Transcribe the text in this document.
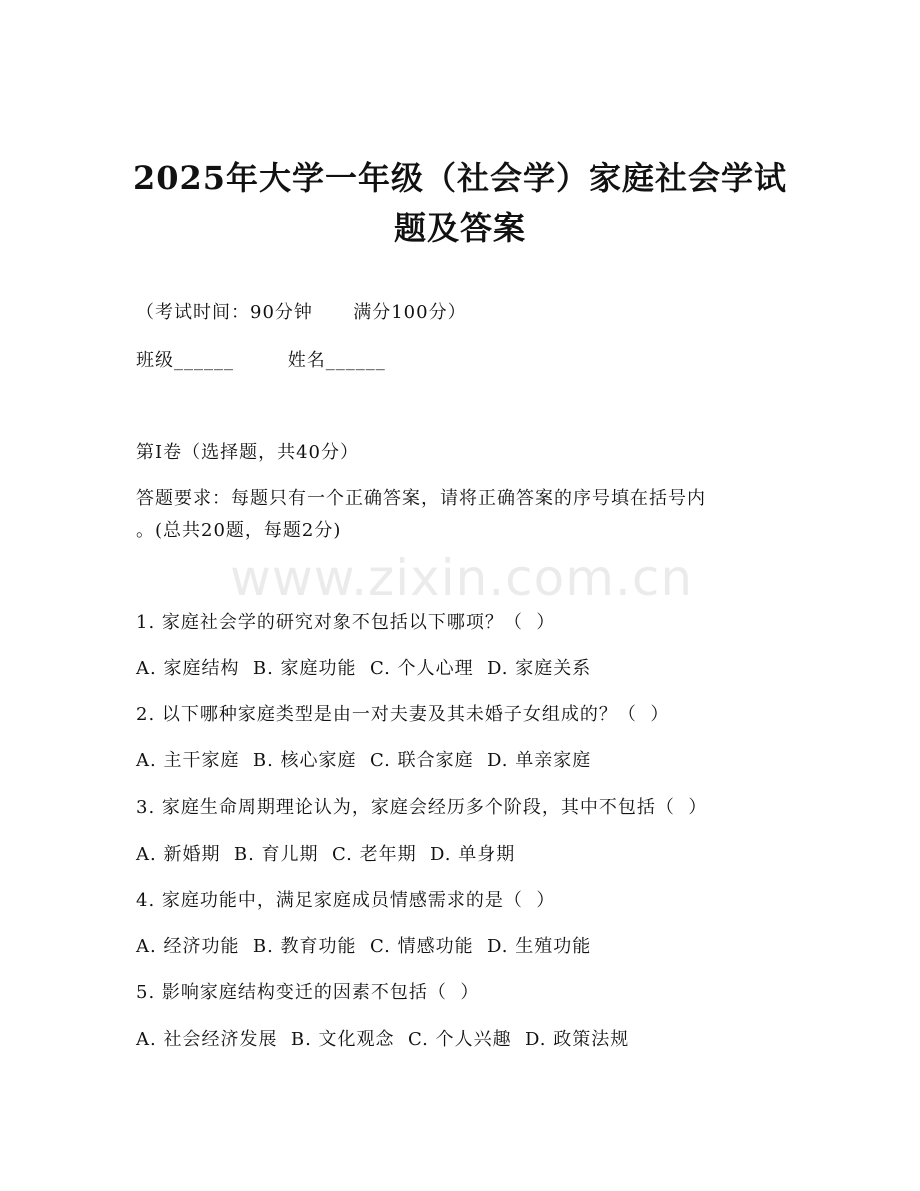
2025年大学一年级（社会学）家庭社会学试
题及答案
（考试时间：90分钟      满分100分）
班级______        姓名______
第I卷（选择题，共40分）
答题要求：每题只有一个正确答案，请将正确答案的序号填在括号内
。(总共20题，每题2分)
www.zixin.com.cn
1. 家庭社会学的研究对象不包括以下哪项？（  ）
A. 家庭结构  B. 家庭功能  C. 个人心理  D. 家庭关系
2. 以下哪种家庭类型是由一对夫妻及其未婚子女组成的？（  ）
A. 主干家庭  B. 核心家庭  C. 联合家庭  D. 单亲家庭
3. 家庭生命周期理论认为，家庭会经历多个阶段，其中不包括（  ）
A. 新婚期  B. 育儿期  C. 老年期  D. 单身期
4. 家庭功能中，满足家庭成员情感需求的是（  ）
A. 经济功能  B. 教育功能  C. 情感功能  D. 生殖功能
5. 影响家庭结构变迁的因素不包括（  ）
A. 社会经济发展  B. 文化观念  C. 个人兴趣  D. 政策法规
